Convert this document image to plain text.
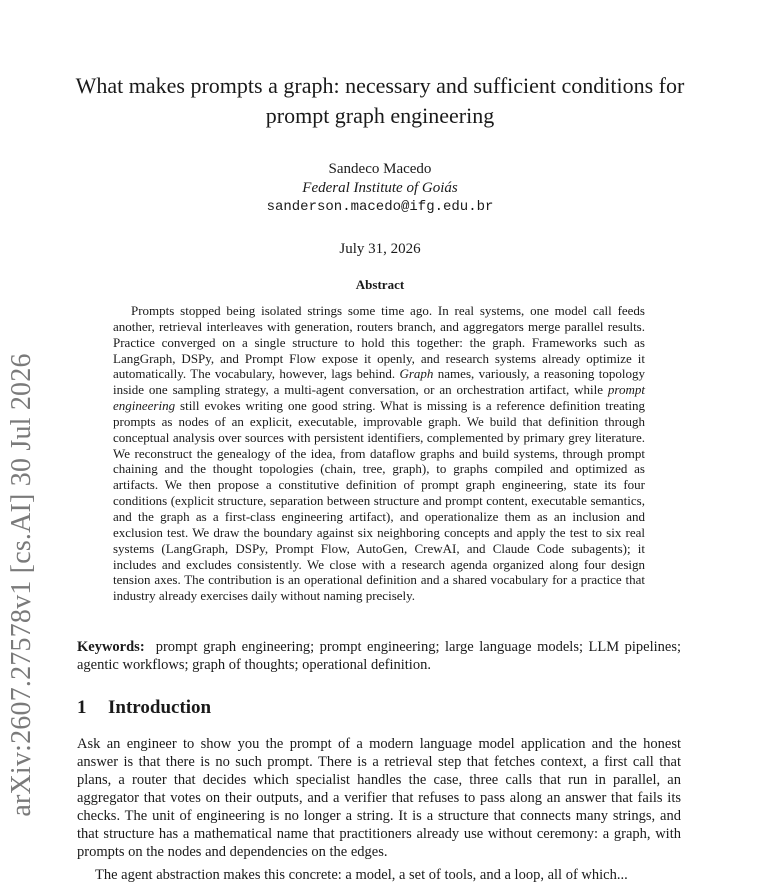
arXiv:2607.27578v1 [cs.AI] 30 Jul 2026
What makes prompts a graph: necessary and sufficient conditions for prompt graph engineering
Sandeco Macedo
Federal Institute of Goiás
sanderson.macedo@ifg.edu.br
July 31, 2026
Abstract

Prompts stopped being isolated strings some time ago. In real systems, one model call feeds another, retrieval interleaves with generation, routers branch, and aggregators merge parallel results. Practice converged on a single structure to hold this together: the graph. Frameworks such as LangGraph, DSPy, and Prompt Flow expose it openly, and research systems already optimize it automatically. The vocabulary, however, lags behind. Graph names, variously, a reasoning topology inside one sampling strategy, a multi-agent conversation, or an orchestration artifact, while prompt engineering still evokes writing one good string. What is missing is a reference definition treating prompts as nodes of an explicit, executable, improvable graph. We build that definition through conceptual analysis over sources with persistent identifiers, complemented by primary grey literature. We reconstruct the genealogy of the idea, from dataflow graphs and build systems, through prompt chaining and the thought topologies (chain, tree, graph), to graphs compiled and optimized as artifacts. We then propose a constitutive definition of prompt graph engineering, state its four conditions (explicit structure, separation between structure and prompt content, executable semantics, and the graph as a first-class engineering artifact), and operationalize them as an inclusion and exclusion test. We draw the boundary against six neighboring concepts and apply the test to six real systems (LangGraph, DSPy, Prompt Flow, AutoGen, CrewAI, and Claude Code subagents); it includes and excludes consistently. We close with a research agenda organized along four design tension axes. The contribution is an operational definition and a shared vocabulary for a practice that industry already exercises daily without naming precisely.

Keywords: prompt graph engineering; prompt engineering; large language models; LLM pipelines; agentic workflows; graph of thoughts; operational definition.

1 Introduction

Ask an engineer to show you the prompt of a modern language model application and the honest answer is that there is no such prompt. There is a retrieval step that fetches context, a first call that plans, a router that decides which specialist handles the case, three calls that run in parallel, an aggregator that votes on their outputs, and a verifier that refuses to pass along an answer that fails its checks. The unit of engineering is no longer a string. It is a structure that connects many strings, and that structure has a mathematical name that practitioners already use without ceremony: a graph, with prompts on the nodes and dependencies on the edges.

The agent abstraction makes this concrete: a model, a set of tools, and a loop, all of which...
